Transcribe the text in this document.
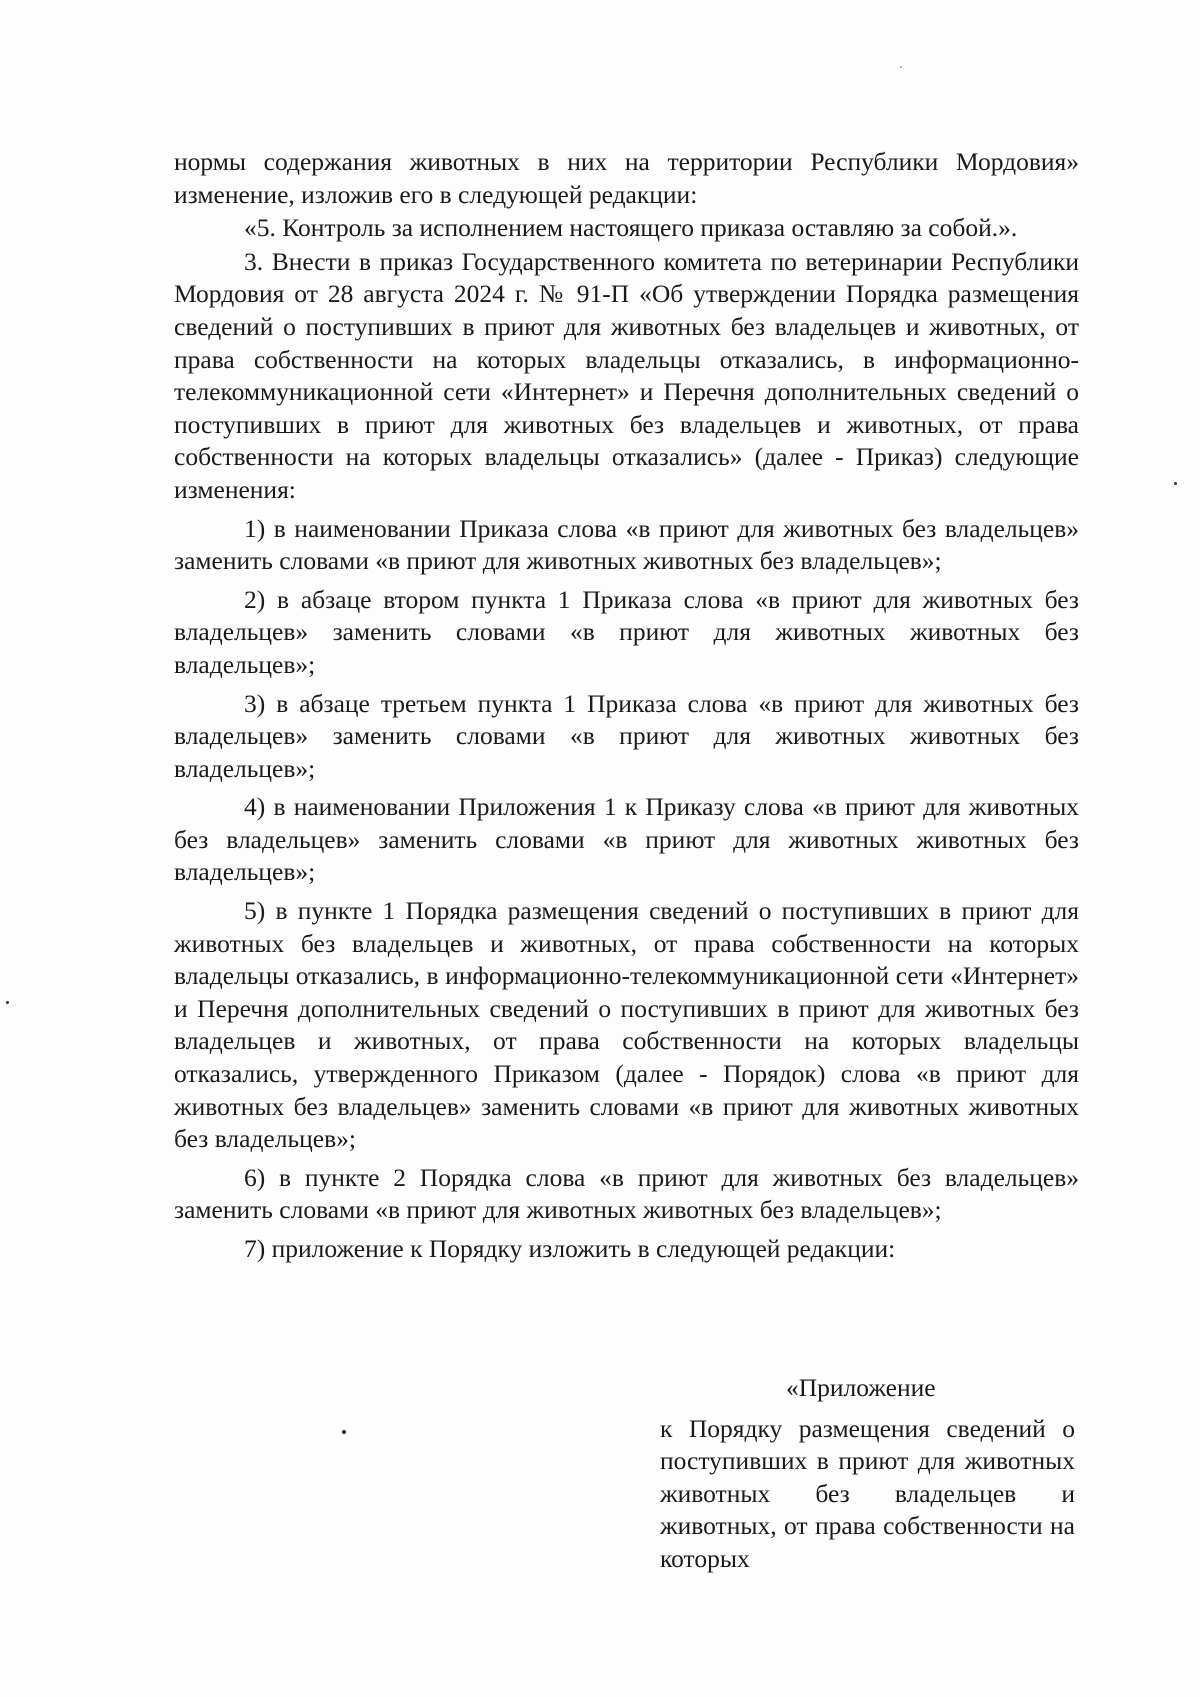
нормы содержания животных в них на территории Республики Мордовия» изменение, изложив его в следующей редакции:

«5. Контроль за исполнением настоящего приказа оставляю за собой.».

3. Внести в приказ Государственного комитета по ветеринарии Республики Мордовия от 28 августа 2024 г. № 91-П «Об утверждении Порядка размещения сведений о поступивших в приют для животных без владельцев и животных, от права собственности на которых владельцы отказались, в информационно-телекоммуникационной сети «Интернет» и Перечня дополнительных сведений о поступивших в приют для животных без владельцев и животных, от права собственности на которых владельцы отказались» (далее - Приказ) следующие изменения:

1) в наименовании Приказа слова «в приют для животных без владельцев» заменить словами «в приют для животных животных без владельцев»;

2) в абзаце втором пункта 1 Приказа слова «в приют для животных без владельцев» заменить словами «в приют для животных животных без владельцев»;

3) в абзаце третьем пункта 1 Приказа слова «в приют для животных без владельцев» заменить словами «в приют для животных животных без владельцев»;

4) в наименовании Приложения 1 к Приказу слова «в приют для животных без владельцев» заменить словами «в приют для животных животных без владельцев»;

5) в пункте 1 Порядка размещения сведений о поступивших в приют для животных без владельцев и животных, от права собственности на которых владельцы отказались, в информационно-телекоммуникационной сети «Интернет» и Перечня дополнительных сведений о поступивших в приют для животных без владельцев и животных, от права собственности на которых владельцы отказались, утвержденного Приказом (далее - Порядок) слова «в приют для животных без владельцев» заменить словами «в приют для животных животных без владельцев»;

6) в пункте 2 Порядка слова «в приют для животных без владельцев» заменить словами «в приют для животных животных без владельцев»;

7) приложение к Порядку изложить в следующей редакции:

«Приложение

к Порядку размещения сведений о поступивших в приют для животных животных без владельцев и животных, от права собственности на которых
